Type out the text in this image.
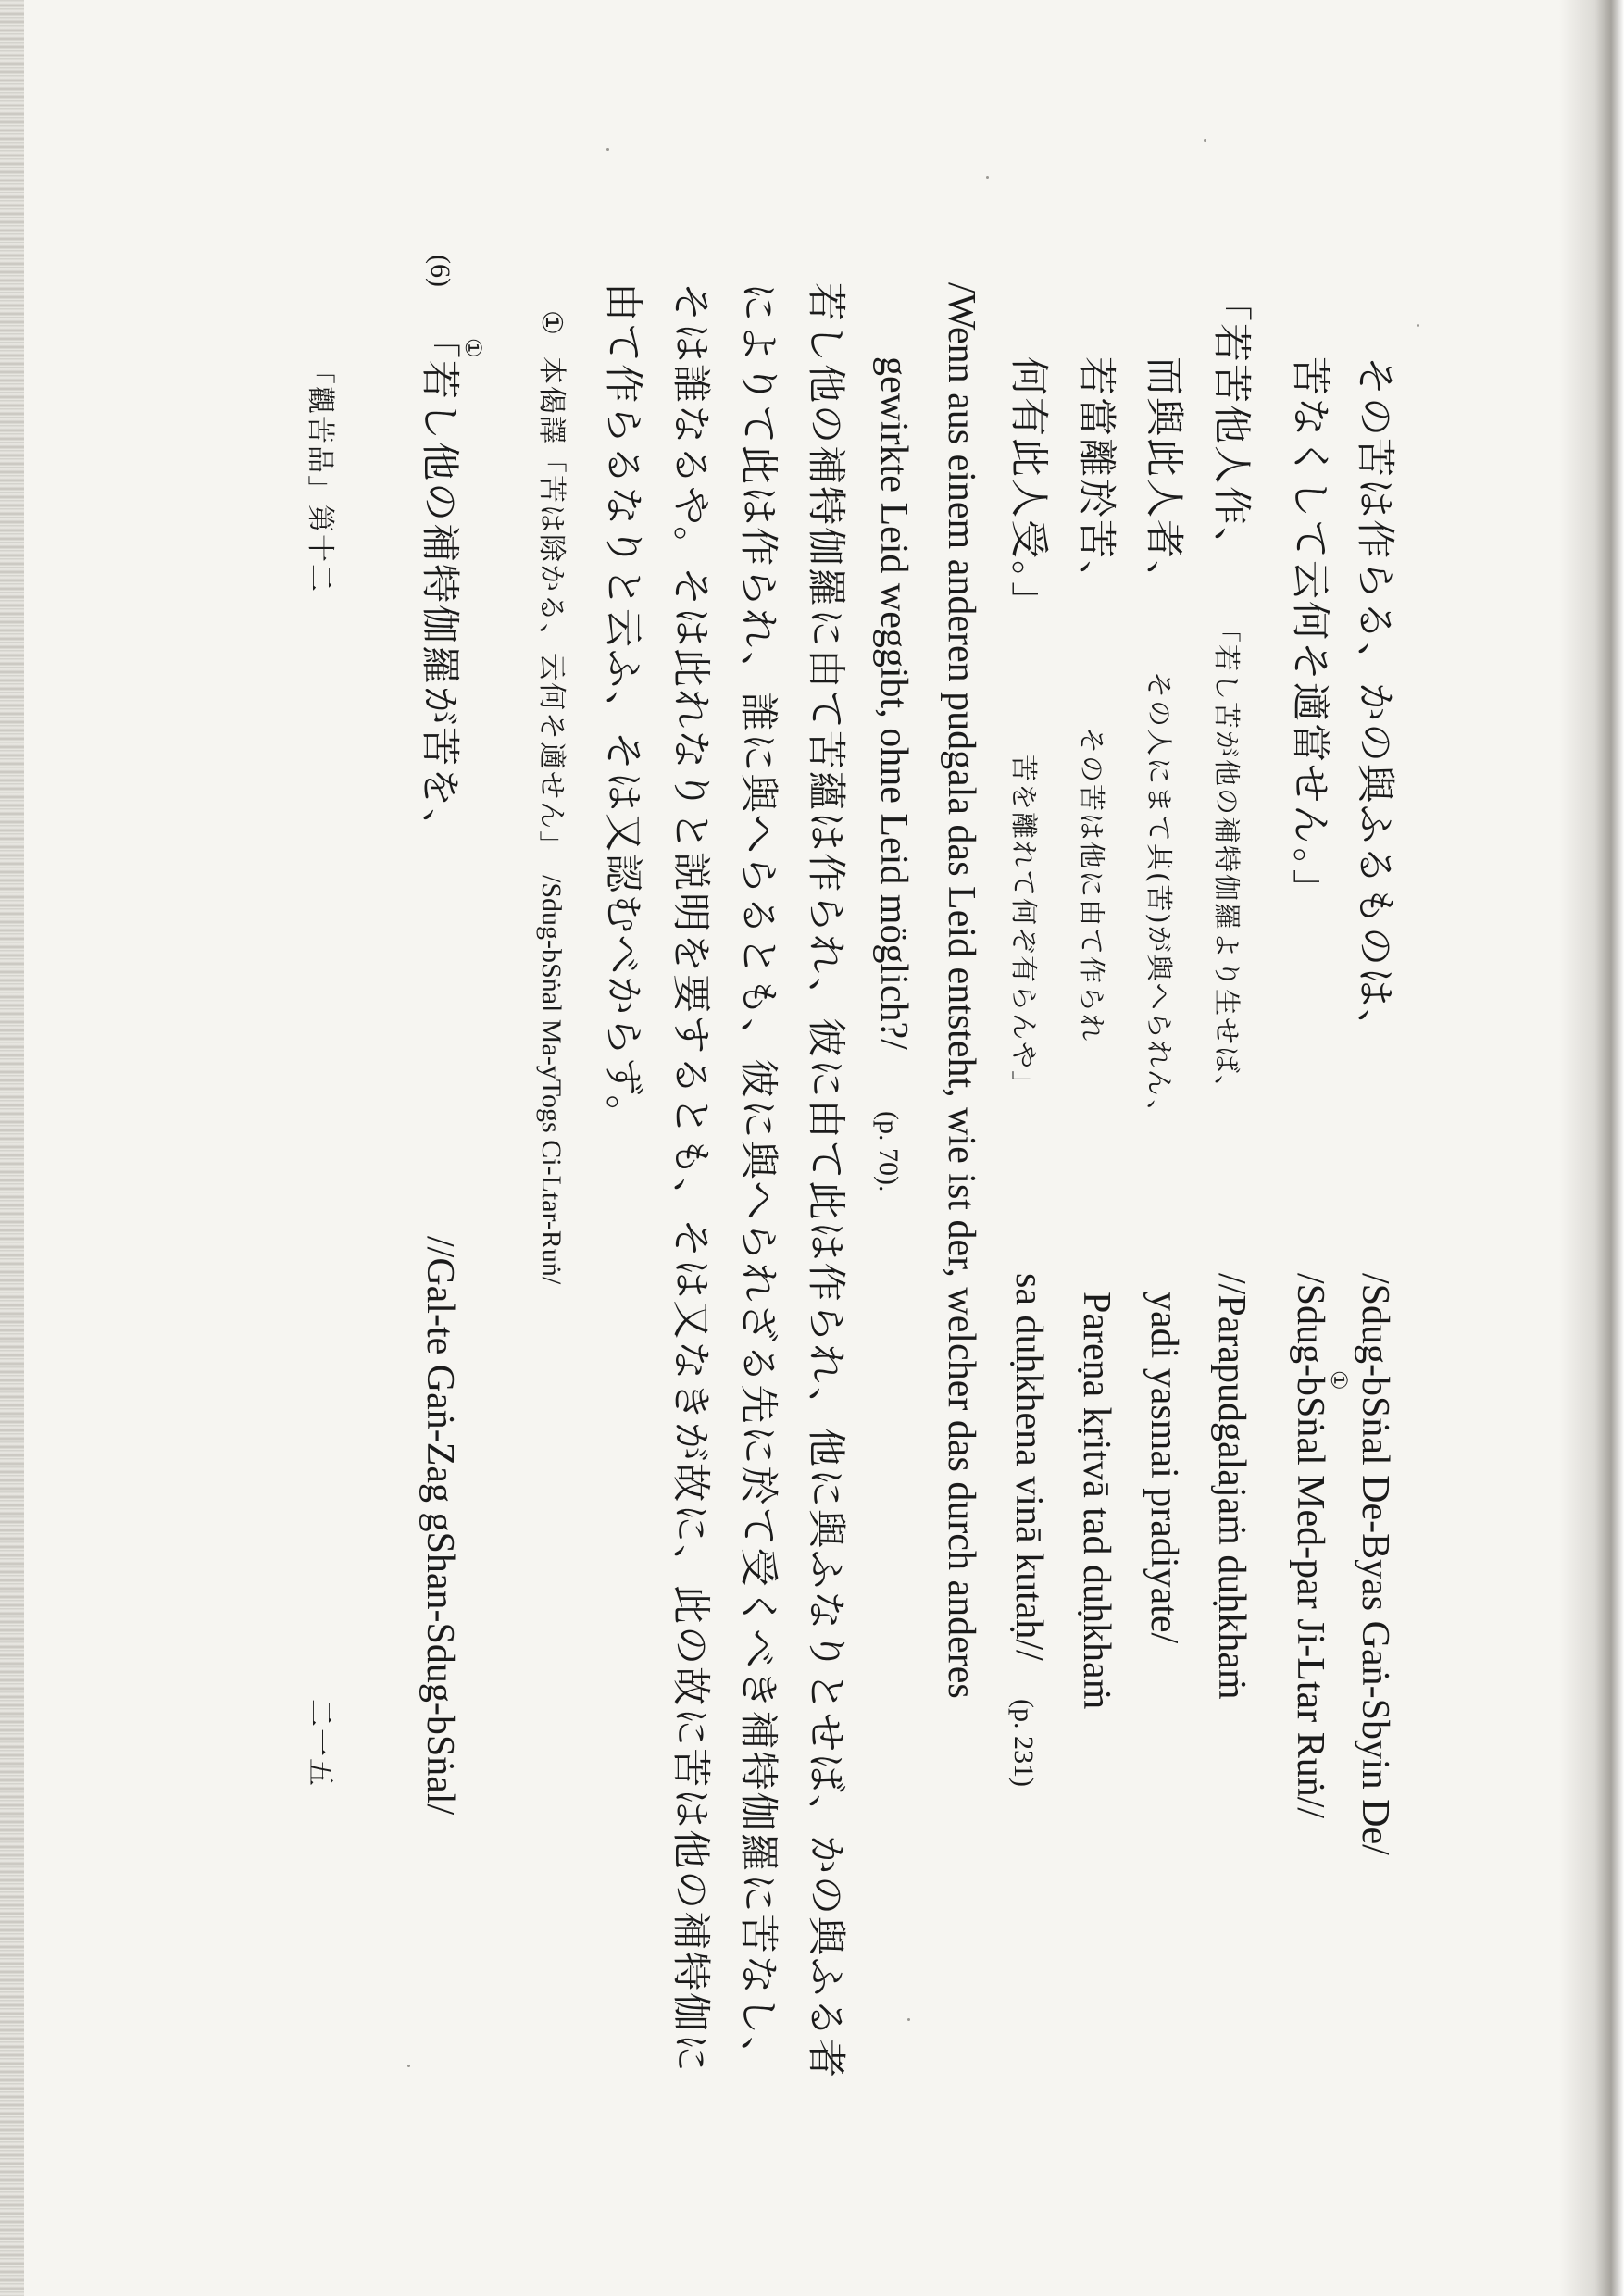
その苦は作らる、かの與ふるものは、
/Sdug-bSṅal De-Byas Gaṅ-Sbyin De/
苦なくして云何そ適當せん。」
①
/Sdug-bSṅal Med-par Ji-Ltar Ruṅ//
「若苦他人作、
「若し苦が他の補特伽羅より生せば、
//Parapudgalajaṁ duḥkhaṁ
而與此人者、
その人にまて其(苦)が與へられん、
yadi yasmai pradiyate/
若當離於苦、
その苦は他に由て作られ
Pareṇa kṛitvā tad duḥkhaṁ
何有此人受。」
苦を離れて何ぞ有らんや」
sa duḥkhena vinā kutaḥ//
(p. 231)
/Wenn aus einem anderen pudgala das Leid entsteht, wie ist der, welcher das durch anderes
gewirkte Leid weggibt, ohne Leid möglich?/
(p. 70).
若し他の補特伽羅に由て苦蘊は作られ、彼に由て此は作られ、他に與ふなりとせば、かの與ふる者
によりて此は作られ、誰に與へらるとも、彼に與へられざる先に於て受くべき補特伽羅に苦なし、
そは誰なるや。そは此れなりと説明を要するとも、そは又なきが故に、此の故に苦は他の補特伽に
由て作らるなりと云ふ、そは又認むべからず。
①
本偈譯「苦は除かる、云何そ適せん」
/Sdug-bSṅal Ma-yTogs Ci-Ltar-Ruṅ/
(6)
①
「若し他の補特伽羅が苦を、
//Gal-te Gaṅ-Zag gShan-Sdug-bSṅal/
「觀苦品」第十二
二一五
